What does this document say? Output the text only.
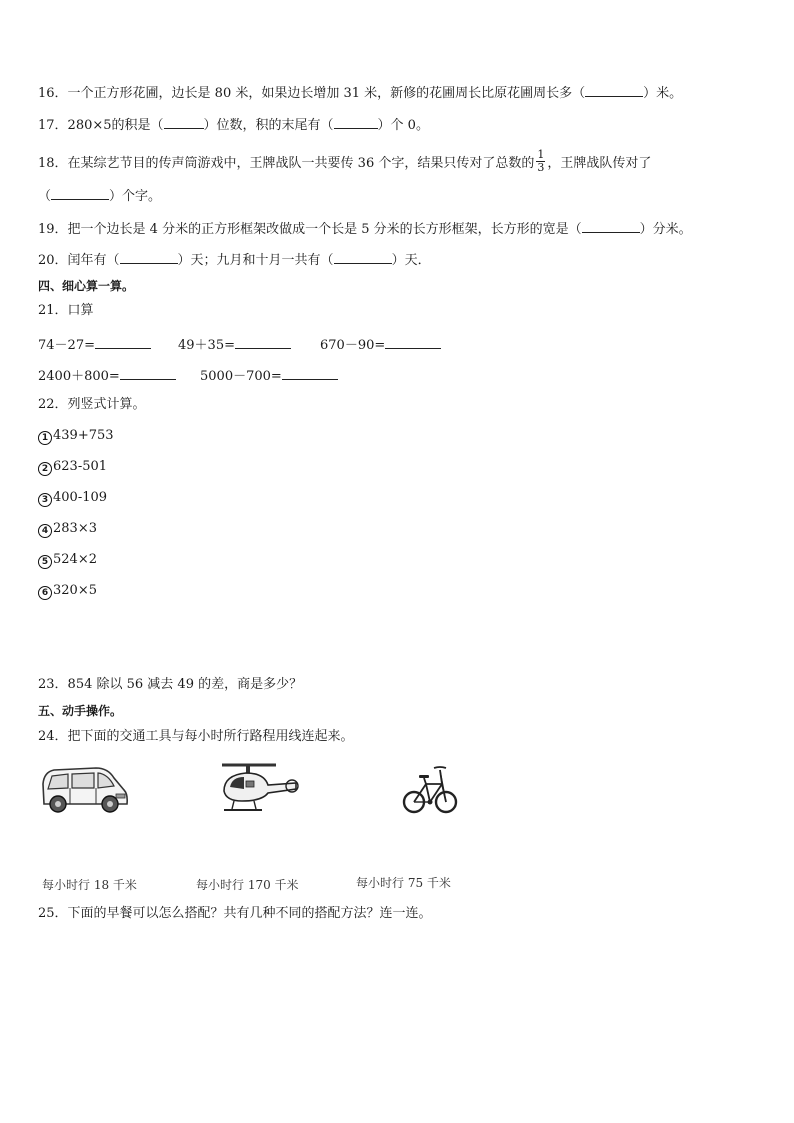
16．一个正方形花圃，边长是 80 米，如果边长增加 31 米，新修的花圃周长比原花圃周长多（	）米。
17．280×5的积是（	）位数，积的末尾有（	）个 0。
18．在某综艺节目的传声筒游戏中，王牌战队一共要传 36 个字，结果只传对了总数的 $\frac{1}{3}$ ，王牌战队传对了
（	）个字。
19．把一个边长是 4 分米的正方形框架改做成一个长是 5 分米的长方形框架，长方形的宽是（	）分米。
20．闰年有（	）天；九月和十月一共有（	）天．
四、细心算一算。
21．口算
74－27=	49＋35=	670－90=
2400＋800=	5000－700=
22．列竖式计算。
1 439+753
2 623-501
3 400-109
4 283×3
5 524×2
6 320×5
23．854 除以 56 减去 49 的差，商是多少？
五、动手操作。
24．把下面的交通工具与每小时所行路程用线连起来。
每小时行 18 千米	每小时行 170 千米	每小时行 75 千米
25．下面的早餐可以怎么搭配？共有几种不同的搭配方法？连一连。
